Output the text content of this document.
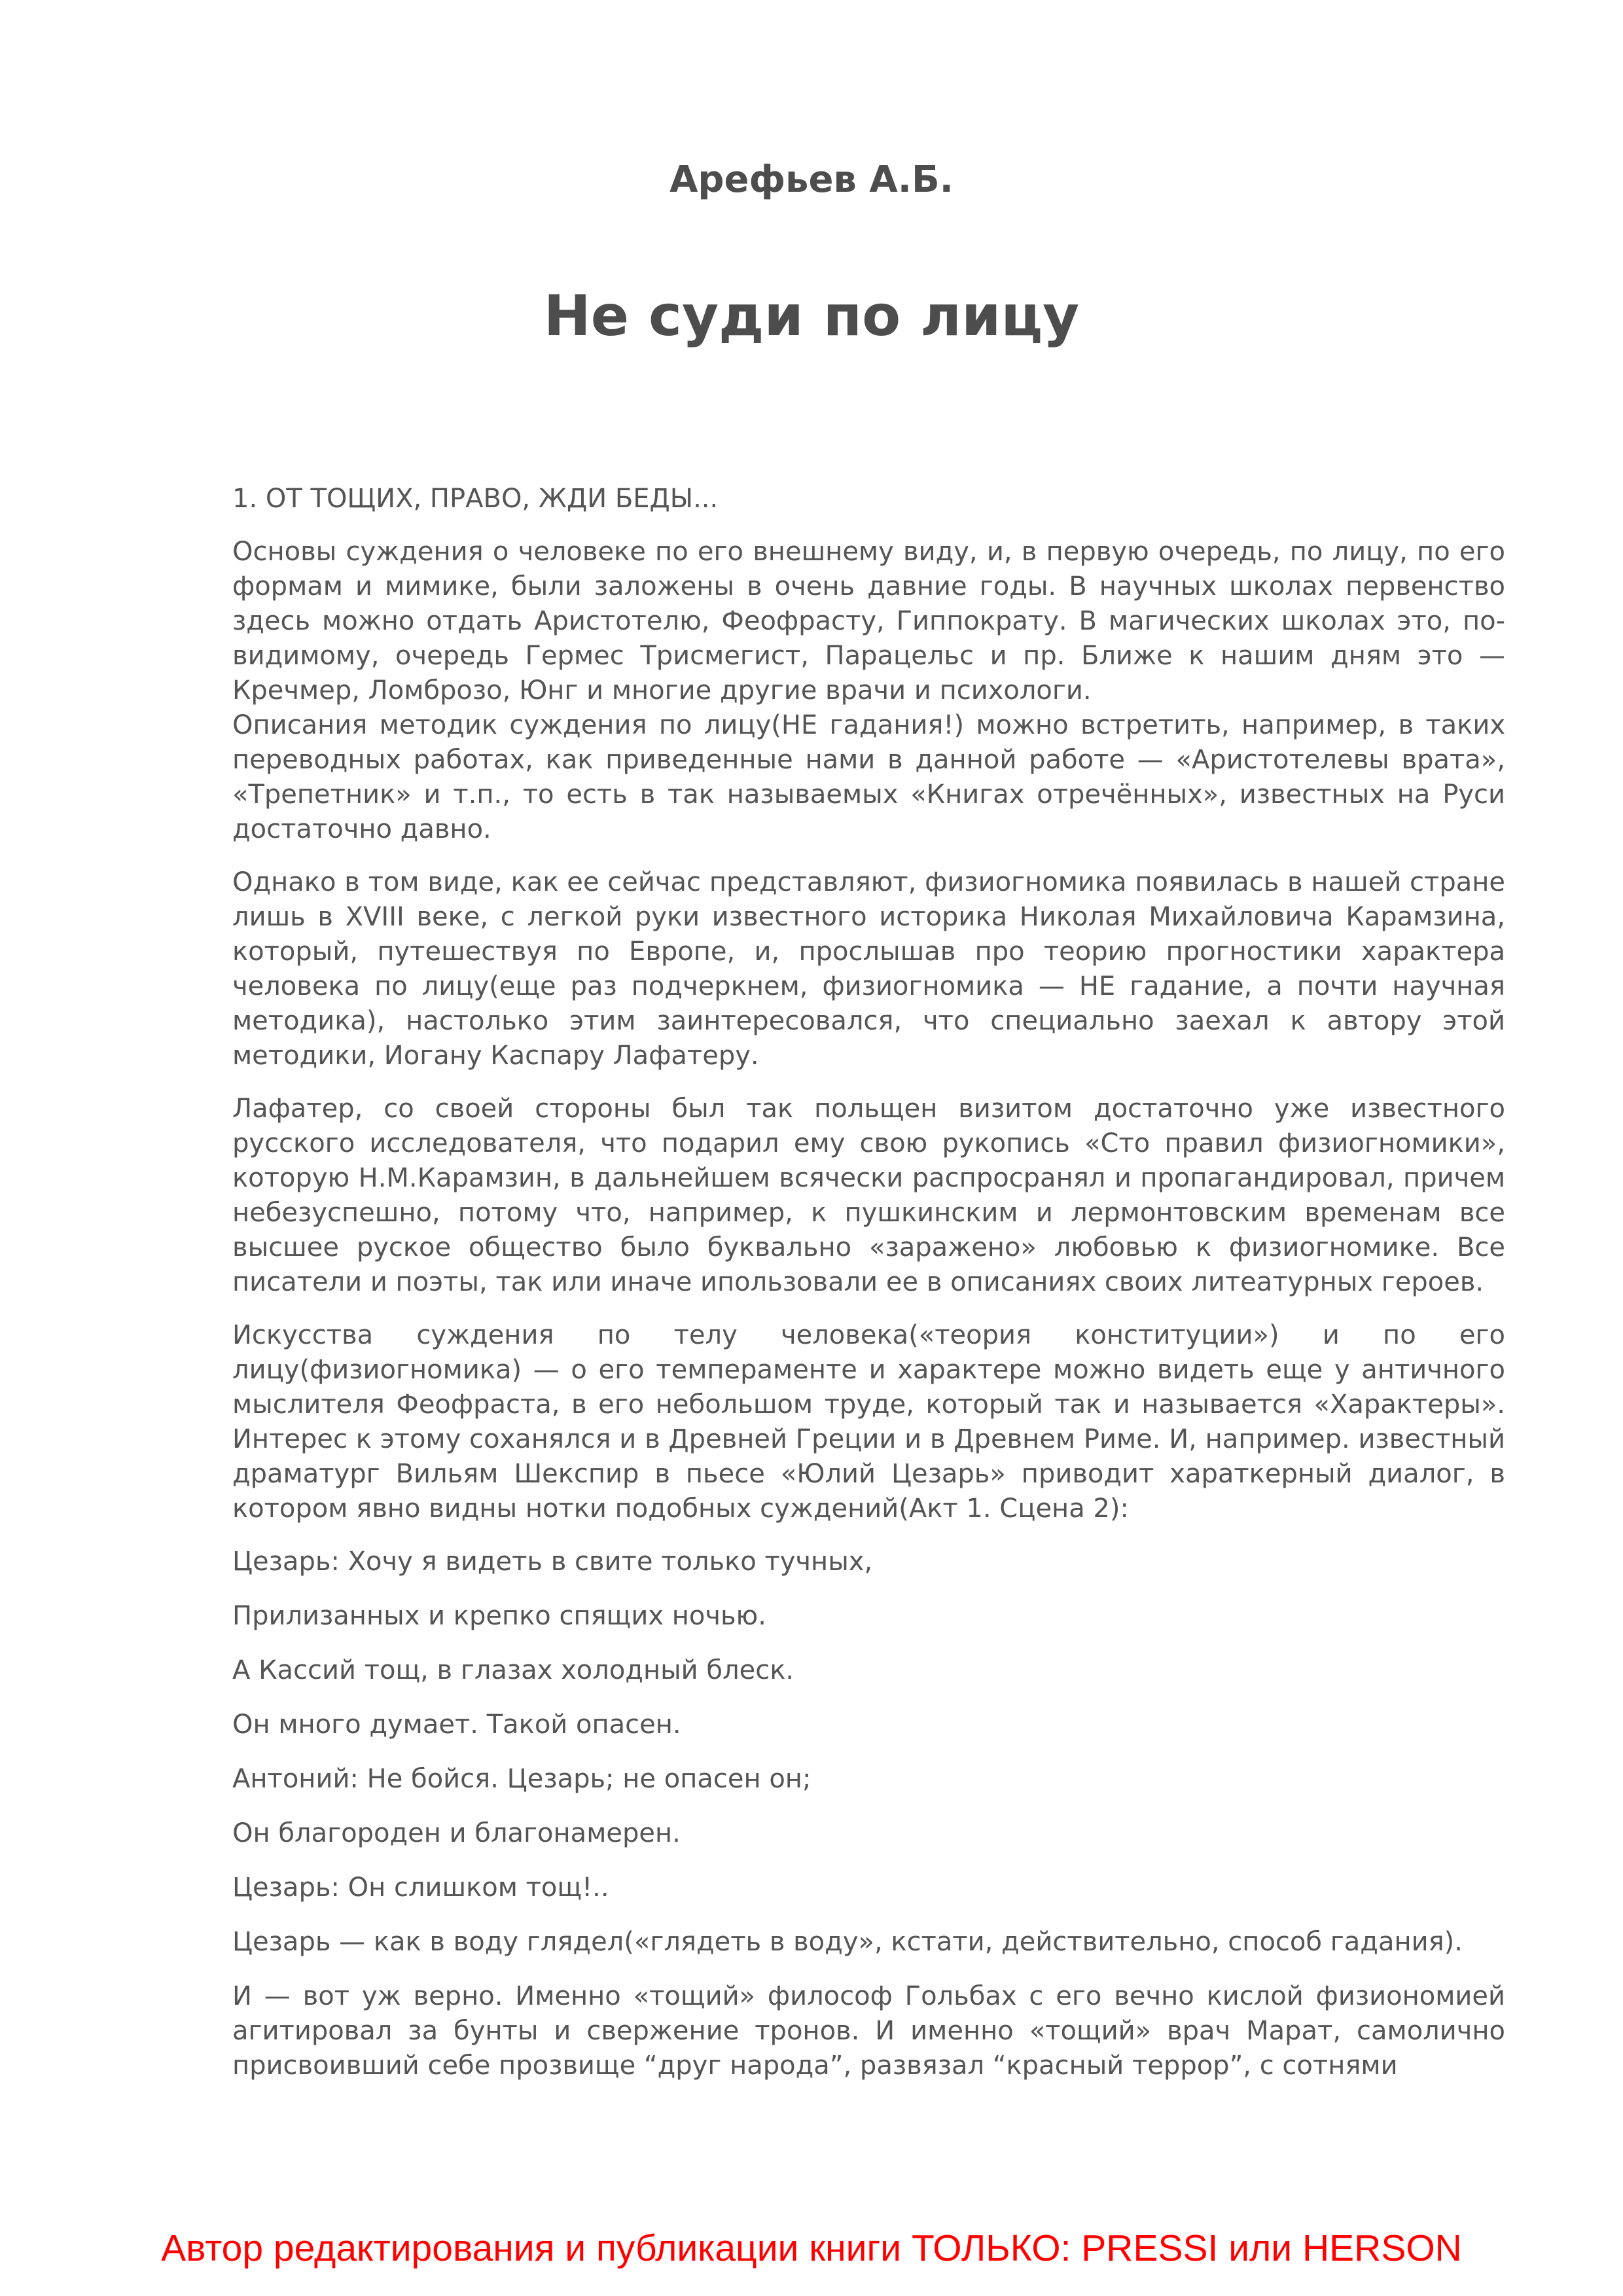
Арефьев А.Б.
Не суди по лицу

1. ОТ ТОЩИХ, ПРАВО, ЖДИ БЕДЫ...

Основы суждения о человеке по его внешнему виду, и, в первую очередь, по лицу, по его формам и мимике, были заложены в очень давние годы. В научных школах первенство здесь можно отдать Аристотелю, Феофрасту, Гиппократу. В магических школах это, по-видимому, очередь Гермес Трисмегист, Парацельс и пр. Ближе к нашим дням это — Кречмер, Ломброзо, Юнг и многие другие врачи и психологи.

Описания методик суждения по лицу(НЕ гадания!) можно встретить, например, в таких переводных работах, как приведенные нами в данной работе — «Аристотелевы врата», «Трепетник» и т.п., то есть в так называемых «Книгах отречённых», известных на Руси достаточно давно.

Однако в том виде, как ее сейчас представляют, физиогномика появилась в нашей стране лишь в XVIII веке, с легкой руки известного историка Николая Михайловича Карамзина, который, путешествуя по Европе, и, прослышав про теорию прогностики характера человека по лицу(еще раз подчеркнем, физиогномика — НЕ гадание, а почти научная методика), настолько этим заинтересовался, что специально заехал к автору этой методики, Иогану Каспару Лафатеру.

Лафатер, со своей стороны был так польщен визитом достаточно уже известного русского исследователя, что подарил ему свою рукопись «Сто правил физиогномики», которую Н.М.Карамзин, в дальнейшем всячески распросранял и пропагандировал, причем небезуспешно, потому что, например, к пушкинским и лермонтовским временам все высшее руское общество было буквально «заражено» любовью к физиогномике. Все писатели и поэты, так или иначе ипользовали ее в описаниях своих литеатурных героев.

Искусства суждения по телу человека(«теория конституции») и по его лицу(физиогномика) — о его темпераменте и характере можно видеть еще у античного мыслителя Феофраста, в его небольшом труде, который так и называется «Характеры». Интерес к этому соханялся и в Древней Греции и в Древнем Риме. И, например. известный драматург Вильям Шекспир в пьесе «Юлий Цезарь» приводит хараткерный диалог, в котором явно видны нотки подобных суждений(Акт 1. Сцена 2):

Цезарь: Хочу я видеть в свите только тучных,

Прилизанных и крепко спящих ночью.

А Кассий тощ, в глазах холодный блеск.

Он много думает. Такой опасен.

Антоний: Не бойся. Цезарь; не опасен он;

Он благороден и благонамерен.

Цезарь: Он слишком тощ!..

Цезарь — как в воду глядел(«глядеть в воду», кстати, действительно, способ гадания).

И — вот уж верно. Именно «тощий» философ Гольбах с его вечно кислой физиономией агитировал за бунты и свержение тронов. И именно «тощий» врач Марат, самолично присвоивший себе прозвище “друг народа”, развязал “красный террор”, с сотнями

Автор редактирования и публикации книги ТОЛЬКО: PRESSI или HERSON
